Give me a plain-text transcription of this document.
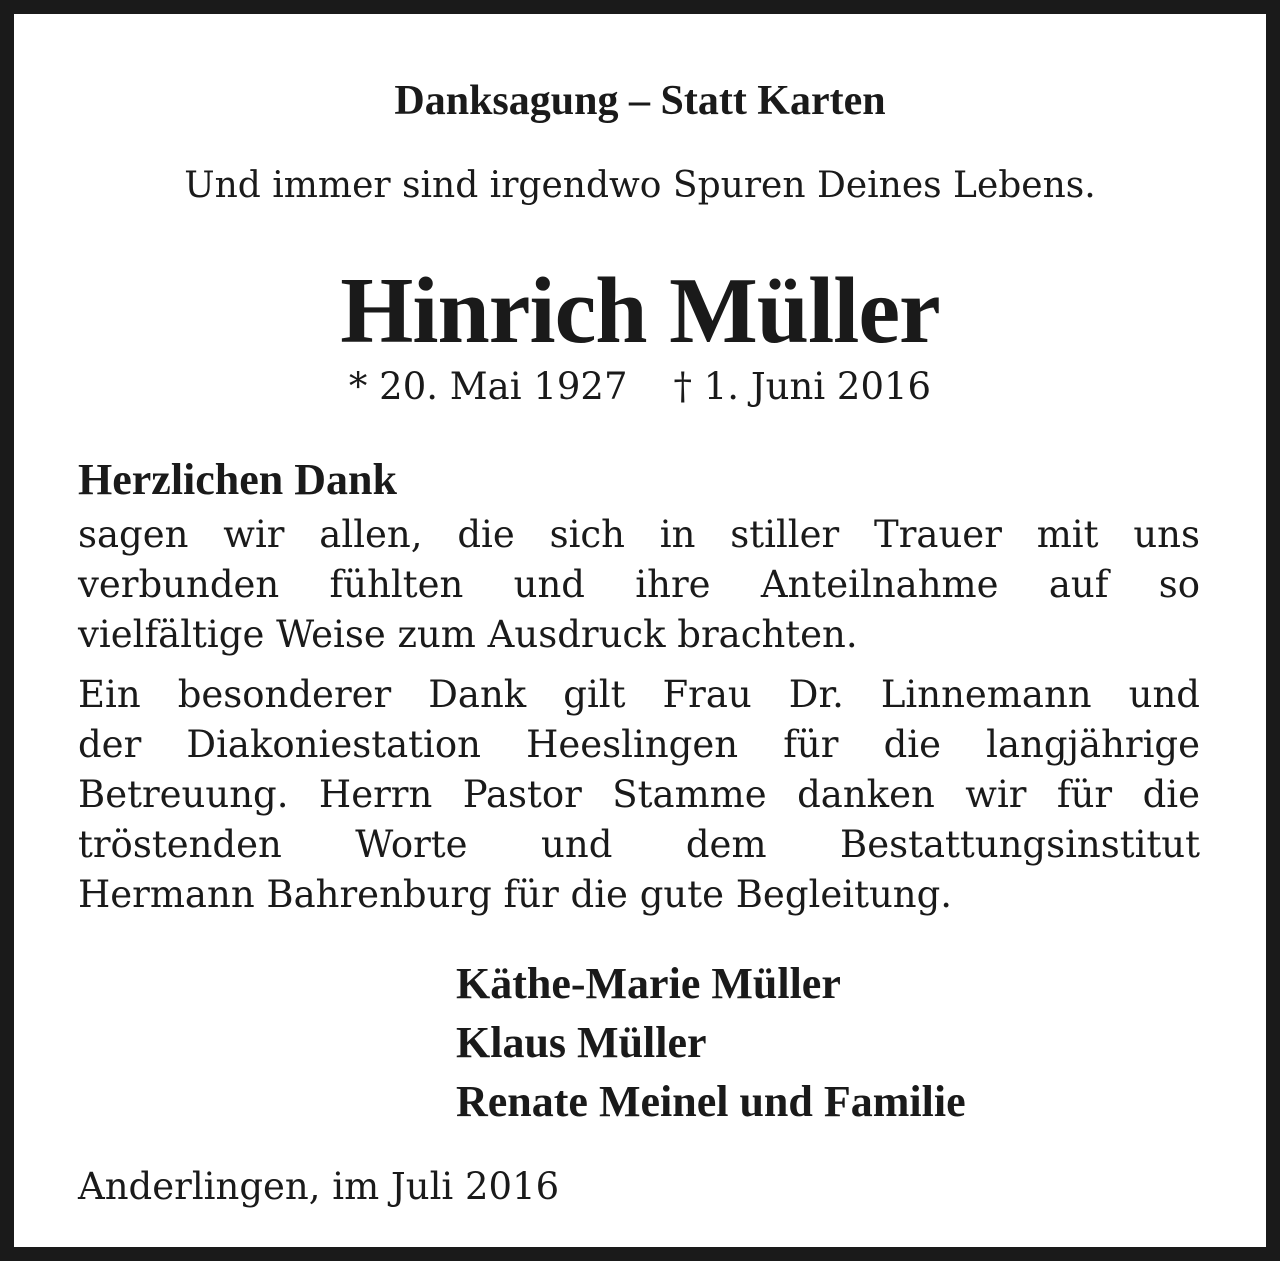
Danksagung – Statt Karten

Und immer sind irgendwo Spuren Deines Lebens.

Hinrich Müller

* 20. Mai 1927 † 1. Juni 2016

Herzlichen Dank
sagen wir allen, die sich in stiller Trauer mit uns
verbunden fühlten und ihre Anteilnahme auf so
vielfältige Weise zum Ausdruck brachten.
Ein besonderer Dank gilt Frau Dr. Linnemann und
der Diakoniestation Heeslingen für die langjährige
Betreuung. Herrn Pastor Stamme danken wir für die
tröstenden Worte und dem Bestattungsinstitut
Hermann Bahrenburg für die gute Begleitung.
Käthe-Marie Müller
Klaus Müller
Renate Meinel und Familie

Anderlingen, im Juli 2016
